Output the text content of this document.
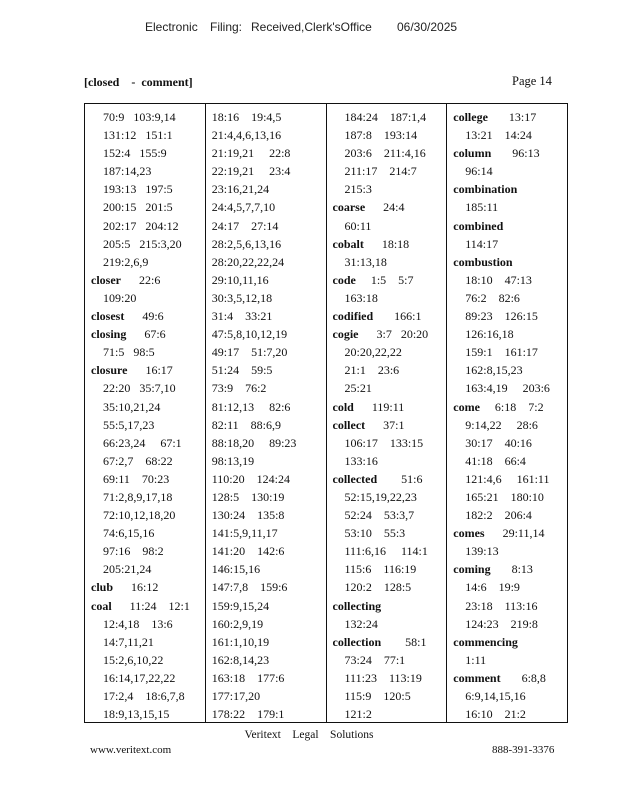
Electronic Filing: Received,Clerk'sOffice 06/30/2025
[closed    -  comment]	Page 14
70:9   103:9,14
131:12   151:1
152:4   155:9
187:14,23
193:13   197:5
200:15   201:5
202:17   204:12
205:5   215:3,20
219:2,6,9
closer      22:6
109:20
closest      49:6
closing      67:6
71:5   98:5
closure      16:17
22:20   35:7,10
35:10,21,24
55:5,17,23
66:23,24     67:1
67:2,7    68:22
69:11    70:23
71:2,8,9,17,18
72:10,12,18,20
74:6,15,16
97:16    98:2
205:21,24
club      16:12
coal      11:24    12:1
12:4,18    13:6
14:7,11,21
15:2,6,10,22
16:14,17,22,22
17:2,4    18:6,7,8
18:9,13,15,15
18:16    19:4,5
21:4,4,6,13,16
21:19,21     22:8
22:19,21     23:4
23:16,21,24
24:4,5,7,7,10
24:17    27:14
28:2,5,6,13,16
28:20,22,22,24
29:10,11,16
30:3,5,12,18
31:4    33:21
47:5,8,10,12,19
49:17    51:7,20
51:24    59:5
73:9    76:2
81:12,13     82:6
82:11    88:6,9
88:18,20     89:23
98:13,19
110:20    124:24
128:5    130:19
130:24    135:8
141:5,9,11,17
141:20    142:6
146:15,16
147:7,8    159:6
159:9,15,24
160:2,9,19
161:1,10,19
162:8,14,23
163:18    177:6
177:17,20
178:22    179:1
184:24    187:1,4
187:8    193:14
203:6    211:4,16
211:17    214:7
215:3
coarse      24:4
60:11
cobalt      18:18
31:13,18
code     1:5    5:7
163:18
codified       166:1
cogie      3:7   20:20
20:20,22,22
21:1    23:6
25:21
cold      119:11
collect      37:1
106:17    133:15
133:16
collected        51:6
52:15,19,22,23
52:24    53:3,7
53:10    55:3
111:6,16     114:1
115:6    116:19
120:2    128:5
collecting
132:24
collection        58:1
73:24    77:1
111:23    113:19
115:9    120:5
121:2
college       13:17
13:21    14:24
column       96:13
96:14
combination
185:11
combined
114:17
combustion
18:10    47:13
76:2    82:6
89:23    126:15
126:16,18
159:1    161:17
162:8,15,23
163:4,19     203:6
come     6:18    7:2
9:14,22     28:6
30:17    40:16
41:18    66:4
121:4,6     161:11
165:21    180:10
182:2    206:4
comes      29:11,14
139:13
coming       8:13
14:6    19:9
23:18    113:16
124:23    219:8
commencing
1:11
comment       6:8,8
6:9,14,15,16
16:10    21:2
Veritext    Legal    Solutions
www.veritext.com	888-391-3376
